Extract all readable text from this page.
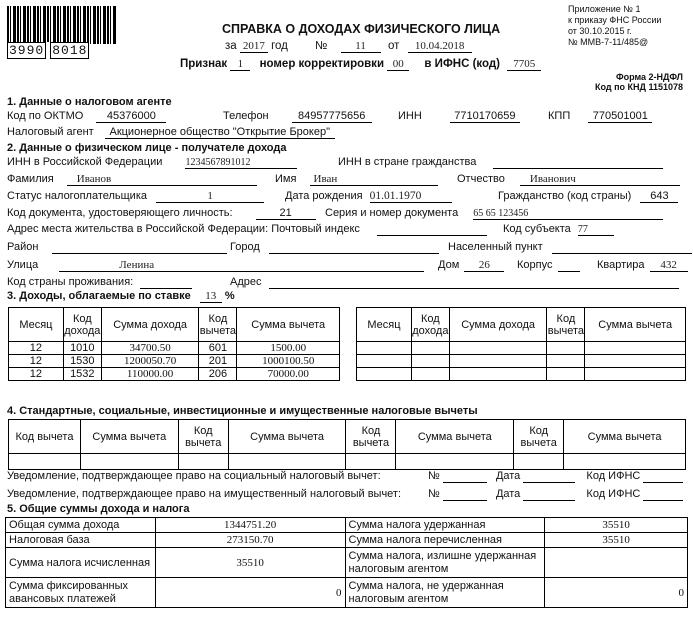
3990 8018
Приложение № 1
к приказу ФНС России
от 30.10.2015 г.
№ ММВ-7-11/485@
СПРАВКА О ДОХОДАХ ФИЗИЧЕСКОГО ЛИЦА
за 2017 год №	11	от 10.04.2018
Признак 1 номер корректировки 00 в ИФНС (код) 7705
Форма 2-НДФЛ
Код по КНД 1151078
1. Данные о налоговом агенте
Код по ОКТМО 45376000	Телефон	84957775656	ИНН	7710170659	КПП 770501001
Налоговый агент Акционерное общество "Открытие Брокер"
2. Данные о физическом лице - получателе дохода
ИНН в Российской Федерации 1234567891012	ИНН в стране гражданства
Фамилия Иванов	Имя Иван	Отчество Иванович
Статус налогоплательщика	1	Дата рождения 01.01.1970	Гражданство (код страны) 643
Код документа, удостоверяющего личность:	21	Серия и номер документа 65 65 123456
Адрес места жительства в Российской Федерации: Почтовый индекс	Код субъекта 77
Район	Город	Населенный пункт
Улица	Ленина	Дом 26	Корпус	Квартира 432
Код страны проживания:	Адрес
3. Доходы, облагаемые по ставке 13 %
Месяц	Код дохода	Сумма дохода	Код вычета	Сумма вычета
12	1010	34700.50	601	1500.00
12	1530	1200050.70	201	1000100.50
12	1532	110000.00	206	70000.00
Месяц	Код дохода	Сумма дохода	Код вычета	Сумма вычета

4. Стандартные, социальные, инвестиционные и имущественные налоговые вычеты
Код вычета	Сумма вычета	Код вычета	Сумма вычета	Код вычета	Сумма вычета	Код вычета	Сумма вычета

Уведомление, подтверждающее право на социальный налоговый вычет:	№	Дата	Код ИФНС
Уведомление, подтверждающее право на имущественный налоговый вычет: №	Дата	Код ИФНС
5. Общие суммы дохода и налога
Общая сумма дохода	1344751.20	Сумма налога удержанная	35510
Налоговая база	273150.70	Сумма налога перечисленная	35510
Сумма налога исчисленная	35510	Сумма налога, излишне удержанная налоговым агентом	
Сумма фиксированных авансовых платежей	0	Сумма налога, не удержанная налоговым агентом	0
